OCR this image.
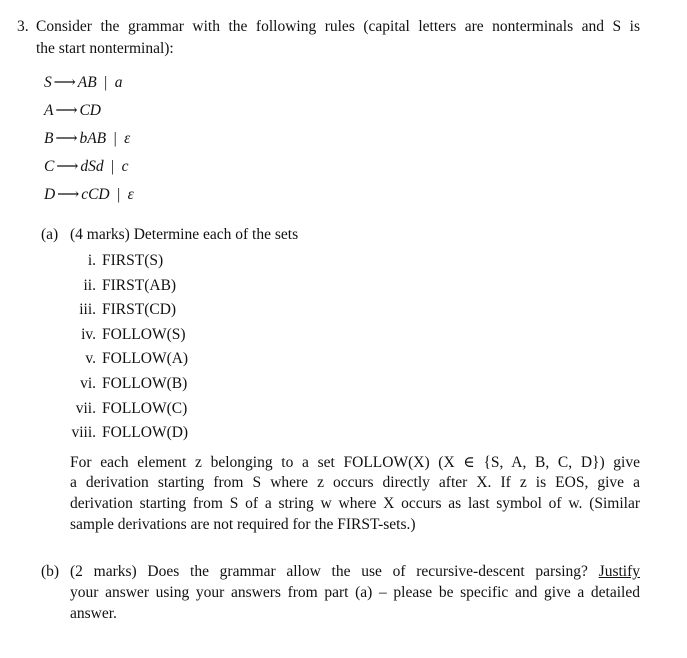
3. Consider the grammar with the following rules (capital letters are nonterminals and S is
the start nonterminal):
S ⟶ AB | a
A ⟶ CD
B ⟶ bAB | ε
C ⟶ dSd | c
D ⟶ cCD | ε
(a) (4 marks) Determine each of the sets
i. FIRST(S)
ii. FIRST(AB)
iii. FIRST(CD)
iv. FOLLOW(S)
v. FOLLOW(A)
vi. FOLLOW(B)
vii. FOLLOW(C)
viii. FOLLOW(D)
For each element z belonging to a set FOLLOW(X) (X ∈ {S, A, B, C, D}) give
a derivation starting from S where z occurs directly after X. If z is EOS, give a
derivation starting from S of a string w where X occurs as last symbol of w. (Similar
sample derivations are not required for the FIRST-sets.)
(b) (2 marks) Does the grammar allow the use of recursive-descent parsing? Justify
your answer using your answers from part (a) – please be specific and give a detailed
answer.
